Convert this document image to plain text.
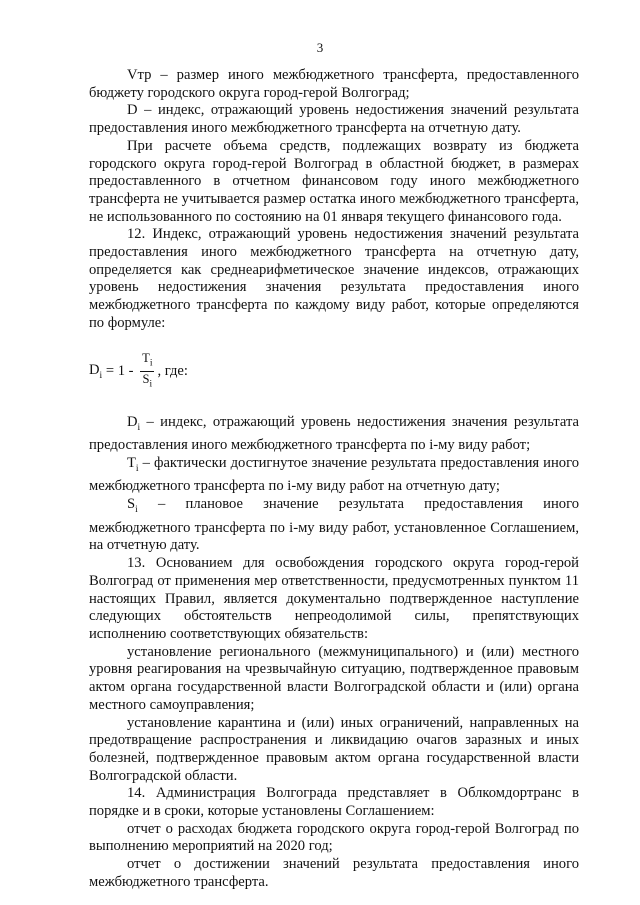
3

Vтр – размер иного межбюджетного трансферта, предоставленного бюджету городского округа город-герой Волгоград;

D – индекс, отражающий уровень недостижения значений результата предоставления иного межбюджетного трансферта на отчетную дату.

При расчете объема средств, подлежащих возврату из бюджета городского округа город-герой Волгоград в областной бюджет, в размерах предоставленного в отчетном финансовом году иного межбюджетного трансферта не учитывается размер остатка иного межбюджетного трансферта, не использованного по состоянию на 01 января текущего финансового года.

12. Индекс, отражающий уровень недостижения значений результата предоставления иного межбюджетного трансферта на отчетную дату, определяется как среднеарифметическое значение индексов, отражающих уровень недостижения значения результата предоставления иного межбюджетного трансферта по каждому виду работ, которые определяются по формуле:

$D_i = 1 - \frac{T_i}{S_i}$ , где:

$D_i$ – индекс, отражающий уровень недостижения значения результата предоставления иного межбюджетного трансферта по i-му виду работ;

$T_i$ – фактически достигнутое значение результата предоставления иного межбюджетного трансферта по i-му виду работ на отчетную дату;

$S_i$ – плановое значение результата предоставления иного межбюджетного трансферта по i-му виду работ, установленное Соглашением, на отчетную дату.

13. Основанием для освобождения городского округа город-герой Волгоград от применения мер ответственности, предусмотренных пунктом 11 настоящих Правил, является документально подтвержденное наступление следующих обстоятельств непреодолимой силы, препятствующих исполнению соответствующих обязательств:

установление регионального (межмуниципального) и (или) местного уровня реагирования на чрезвычайную ситуацию, подтвержденное правовым актом органа государственной власти Волгоградской области и (или) органа местного самоуправления;

установление карантина и (или) иных ограничений, направленных на предотвращение распространения и ликвидацию очагов заразных и иных болезней, подтвержденное правовым актом органа государственной власти Волгоградской области.

14. Администрация Волгограда представляет в Облкомдортранс в порядке и в сроки, которые установлены Соглашением:

отчет о расходах бюджета городского округа город-герой Волгоград по выполнению мероприятий на 2020 год;

отчет о достижении значений результата предоставления иного межбюджетного трансферта.
